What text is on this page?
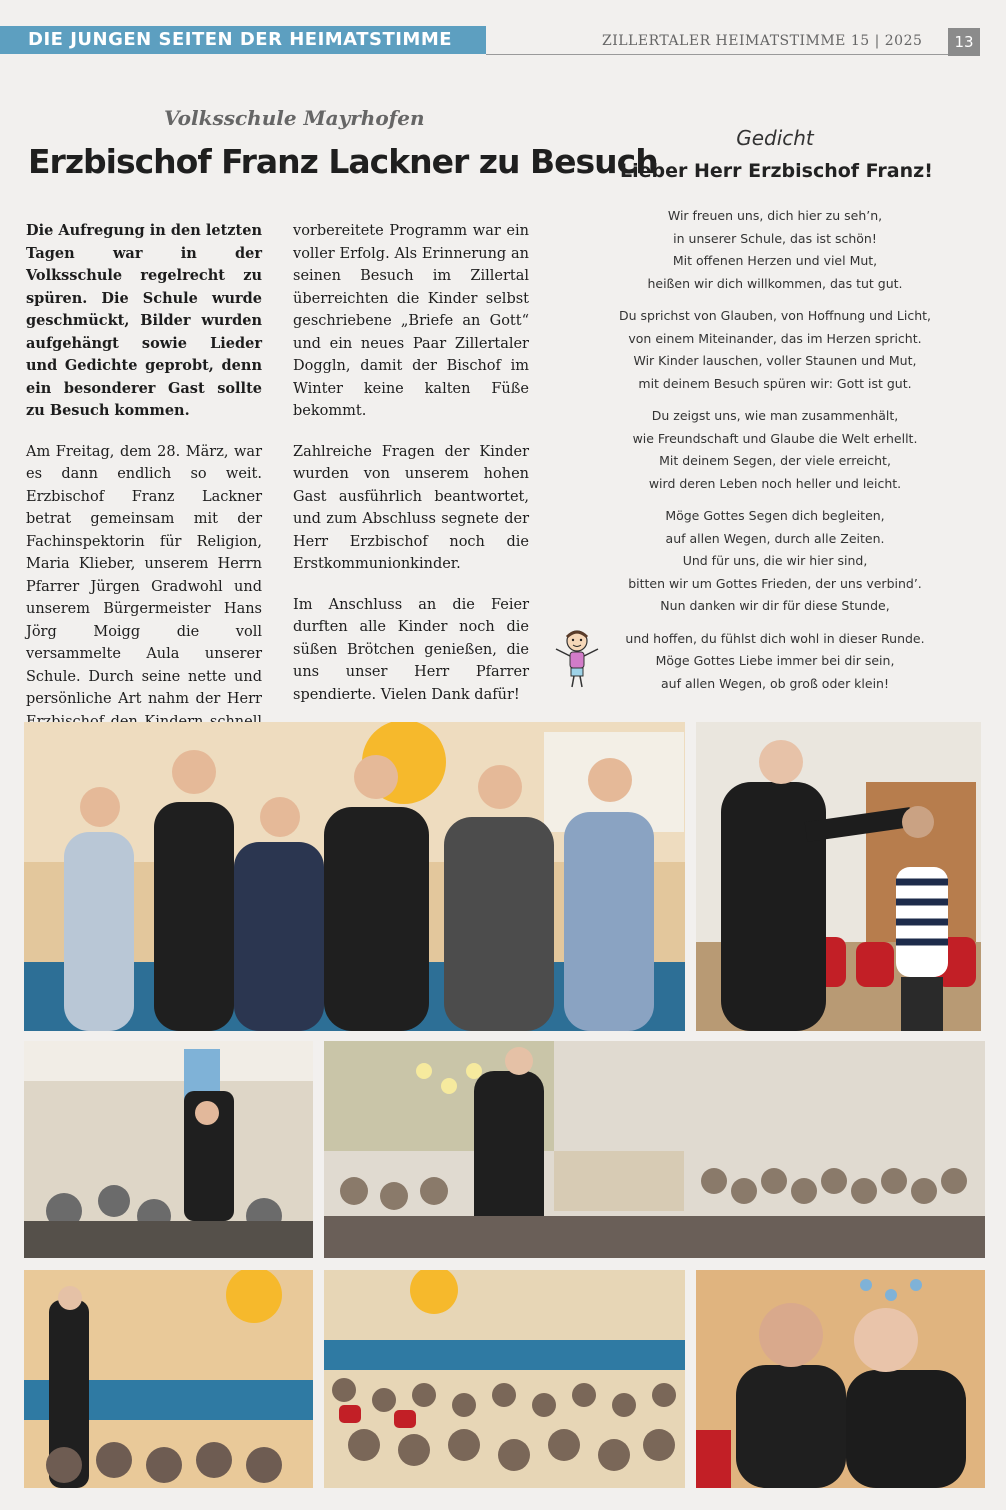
DIE JUNGEN SEITEN DER HEIMATSTIMME	ZILLERTALER HEIMATSTIMME 15 | 2025	13
Volksschule Mayrhofen
Erzbischof Franz Lackner zu Besuch

Die Aufregung in den letzten Tagen war in der Volksschule regelrecht zu spüren. Die Schule wurde geschmückt, Bilder wurden aufgehängt sowie Lieder und Gedichte geprobt, denn ein besonderer Gast sollte zu Besuch kommen.

Am Freitag, dem 28. März, war es dann endlich so weit. Erzbischof Franz Lackner betrat gemeinsam mit der Fachinspektorin für Religion, Maria Klieber, unserem Herrn Pfarrer Jürgen Gradwohl und unserem Bürgermeister Hans Jörg Moigg die voll versammelte Aula unserer Schule. Durch seine nette und persönliche Art nahm der Herr

vorbereitete Programm war ein voller Erfolg. Als Erinnerung an seinen Besuch im Zillertal überreichten die Kinder selbst geschriebene „Briefe an Gott“ und ein neues Paar Zillertaler Doggln, damit der Bischof im Winter keine kalten Füße bekommt.

Zahlreiche Fragen der Kinder wurden von unserem hohen Gast ausführlich beantwortet, und zum Abschluss segnete der Herr Erzbischof noch die Erstkommunionkinder.

Im Anschluss an die Feier durften alle Kinder noch die süßen Brötchen genießen, die uns unser Herr Pfarrer spendierte. Vielen Dank dafür!

Gedicht
Lieber Herr Erzbischof Franz!
Wir freuen uns, dich hier zu seh’n,
in unserer Schule, das ist schön!
Mit offenen Herzen und viel Mut,
heißen wir dich willkommen, das tut gut.
Du sprichst von Glauben, von Hoffnung und Licht,
von einem Miteinander, das im Herzen spricht.
Wir Kinder lauschen, voller Staunen und Mut,
mit deinem Besuch spüren wir: Gott ist gut.
Du zeigst uns, wie man zusammenhält,
wie Freundschaft und Glaube die Welt erhellt.
Mit deinem Segen, der viele erreicht,
wird deren Leben noch heller und leicht.
Möge Gottes Segen dich begleiten,
auf allen Wegen, durch alle Zeiten.
Und für uns, die wir hier sind,
bitten wir um Gottes Frieden, der uns verbind’.
Nun danken wir dir für diese Stunde,
und hoffen, du fühlst dich wohl in dieser Runde.
Möge Gottes Liebe immer bei dir sein,
auf allen Wegen, ob groß oder klein!
